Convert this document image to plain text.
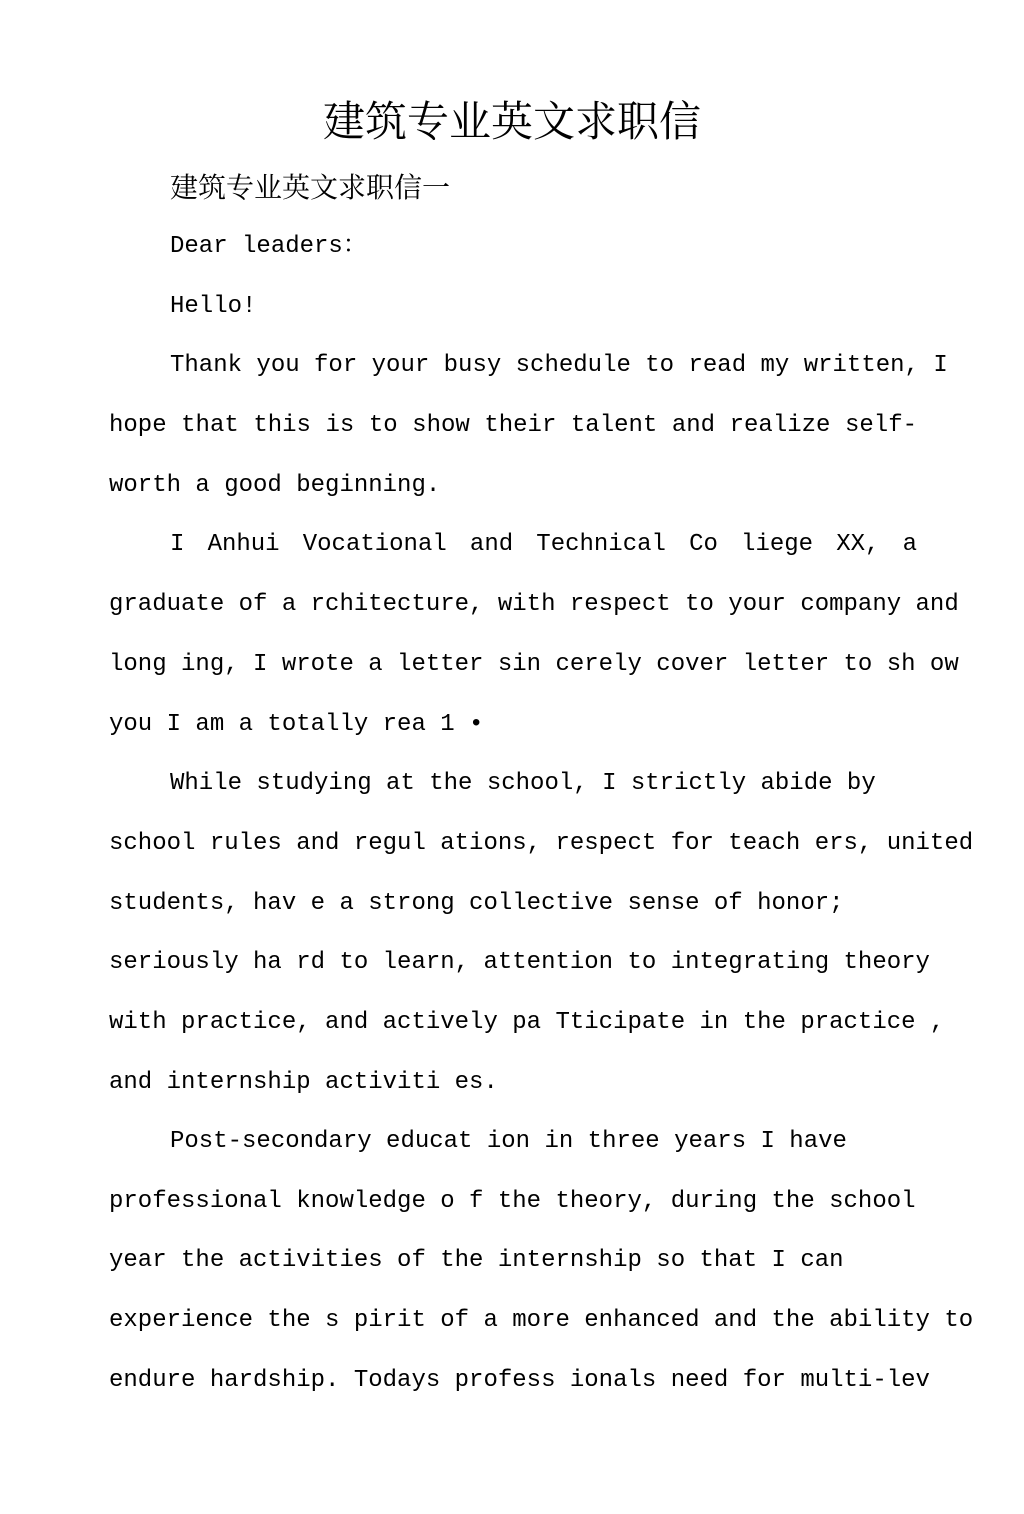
建筑专业英文求职信
建筑专业英文求职信一
Dear leaders：
Hello!
Thank you for your busy schedule to read my written, I
hope that this is to show their talent and realize self-
worth a good beginning.
I Anhui Vocational and Technical Co liege XX, a
graduate of a rchitecture, with respect to your company and
long ing, I wrote a letter sin cerely cover letter to sh ow
you I am a totally rea 1 •
While studying at the school, I strictly abide by
school rules and regul ations, respect for teach ers, united
students, hav e a strong collective sense of honor;
seriously ha rd to learn, attention to integrating theory
with practice, and actively pa Tticipate in the practice ,
and internship activiti es.
Post-secondary educat ion in three years I have
professional knowledge o f the theory, during the school
year the activities of the internship so that I can
experience the s pirit of a more enhanced and the ability to
endure hardship. Todays profess ionals need for multi-lev
